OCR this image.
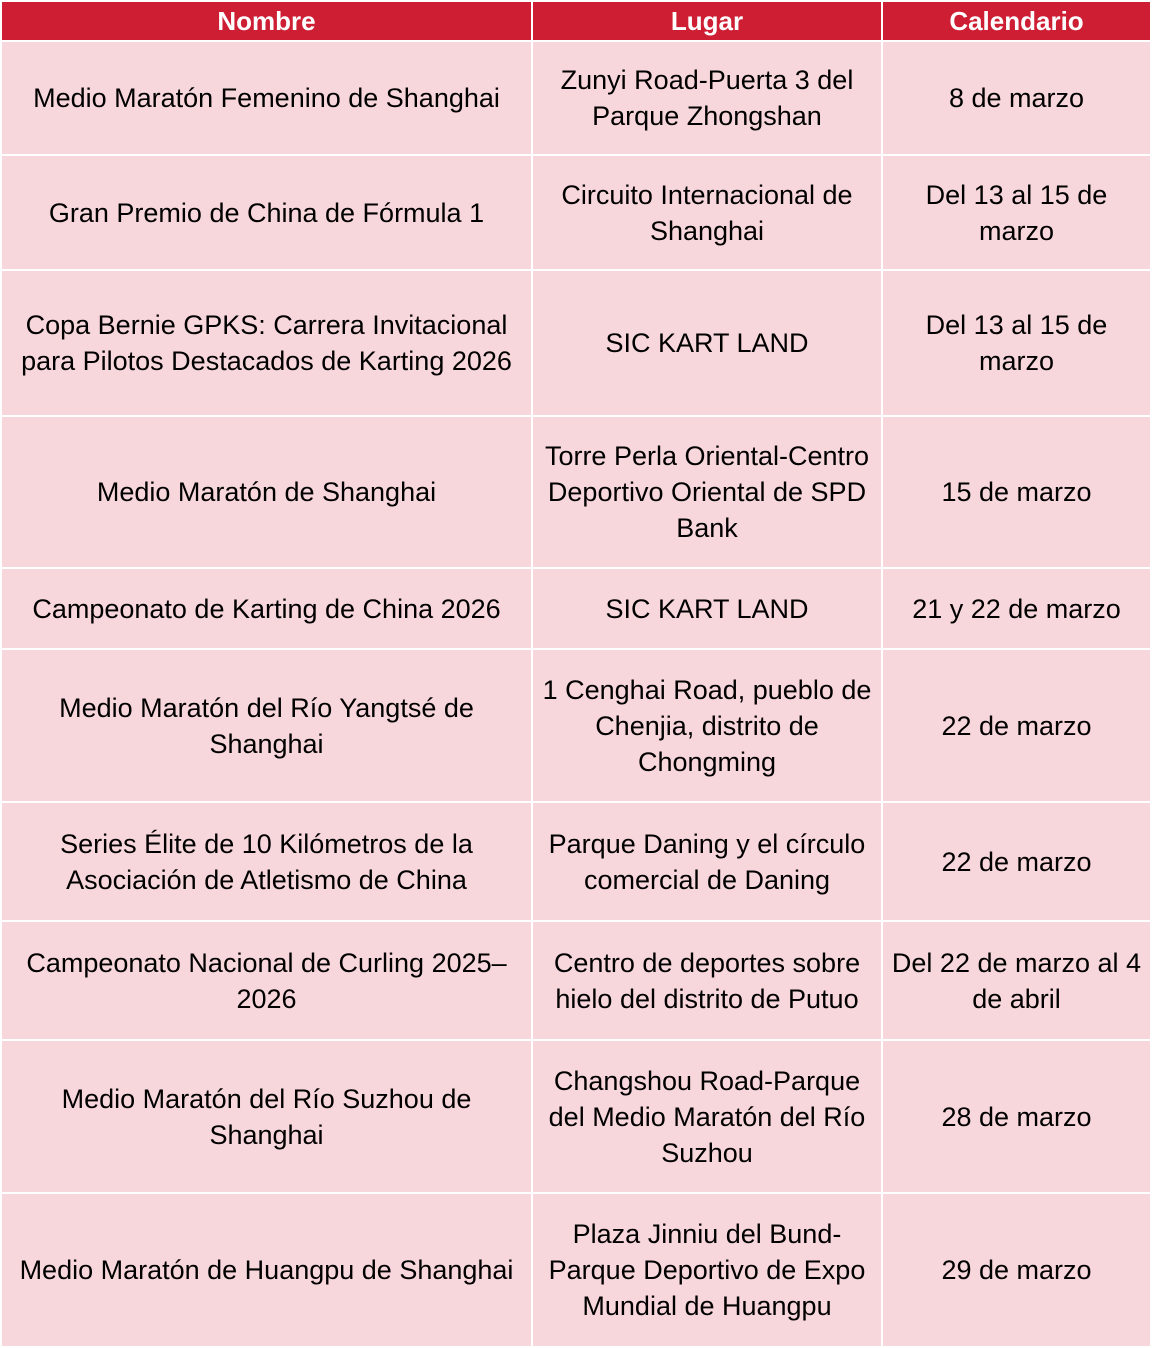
Nombre	Lugar	Calendario
Medio Maratón Femenino de Shanghai	Zunyi Road-Puerta 3 del Parque Zhongshan	8 de marzo
Gran Premio de China de Fórmula 1	Circuito Internacional de Shanghai	Del 13 al 15 de marzo
Copa Bernie GPKS: Carrera Invitacional para Pilotos Destacados de Karting 2026	SIC KART LAND	Del 13 al 15 de marzo
Medio Maratón de Shanghai	Torre Perla Oriental-Centro Deportivo Oriental de SPD Bank	15 de marzo
Campeonato de Karting de China 2026	SIC KART LAND	21 y 22 de marzo
Medio Maratón del Río Yangtsé de Shanghai	1 Cenghai Road, pueblo de Chenjia, distrito de Chongming	22 de marzo
Series Élite de 10 Kilómetros de la Asociación de Atletismo de China	Parque Daning y el círculo comercial de Daning	22 de marzo
Campeonato Nacional de Curling 2025–2026	Centro de deportes sobre hielo del distrito de Putuo	Del 22 de marzo al 4 de abril
Medio Maratón del Río Suzhou de Shanghai	Changshou Road-Parque del Medio Maratón del Río Suzhou	28 de marzo
Medio Maratón de Huangpu de Shanghai	Plaza Jinniu del Bund-Parque Deportivo de Expo Mundial de Huangpu	29 de marzo
